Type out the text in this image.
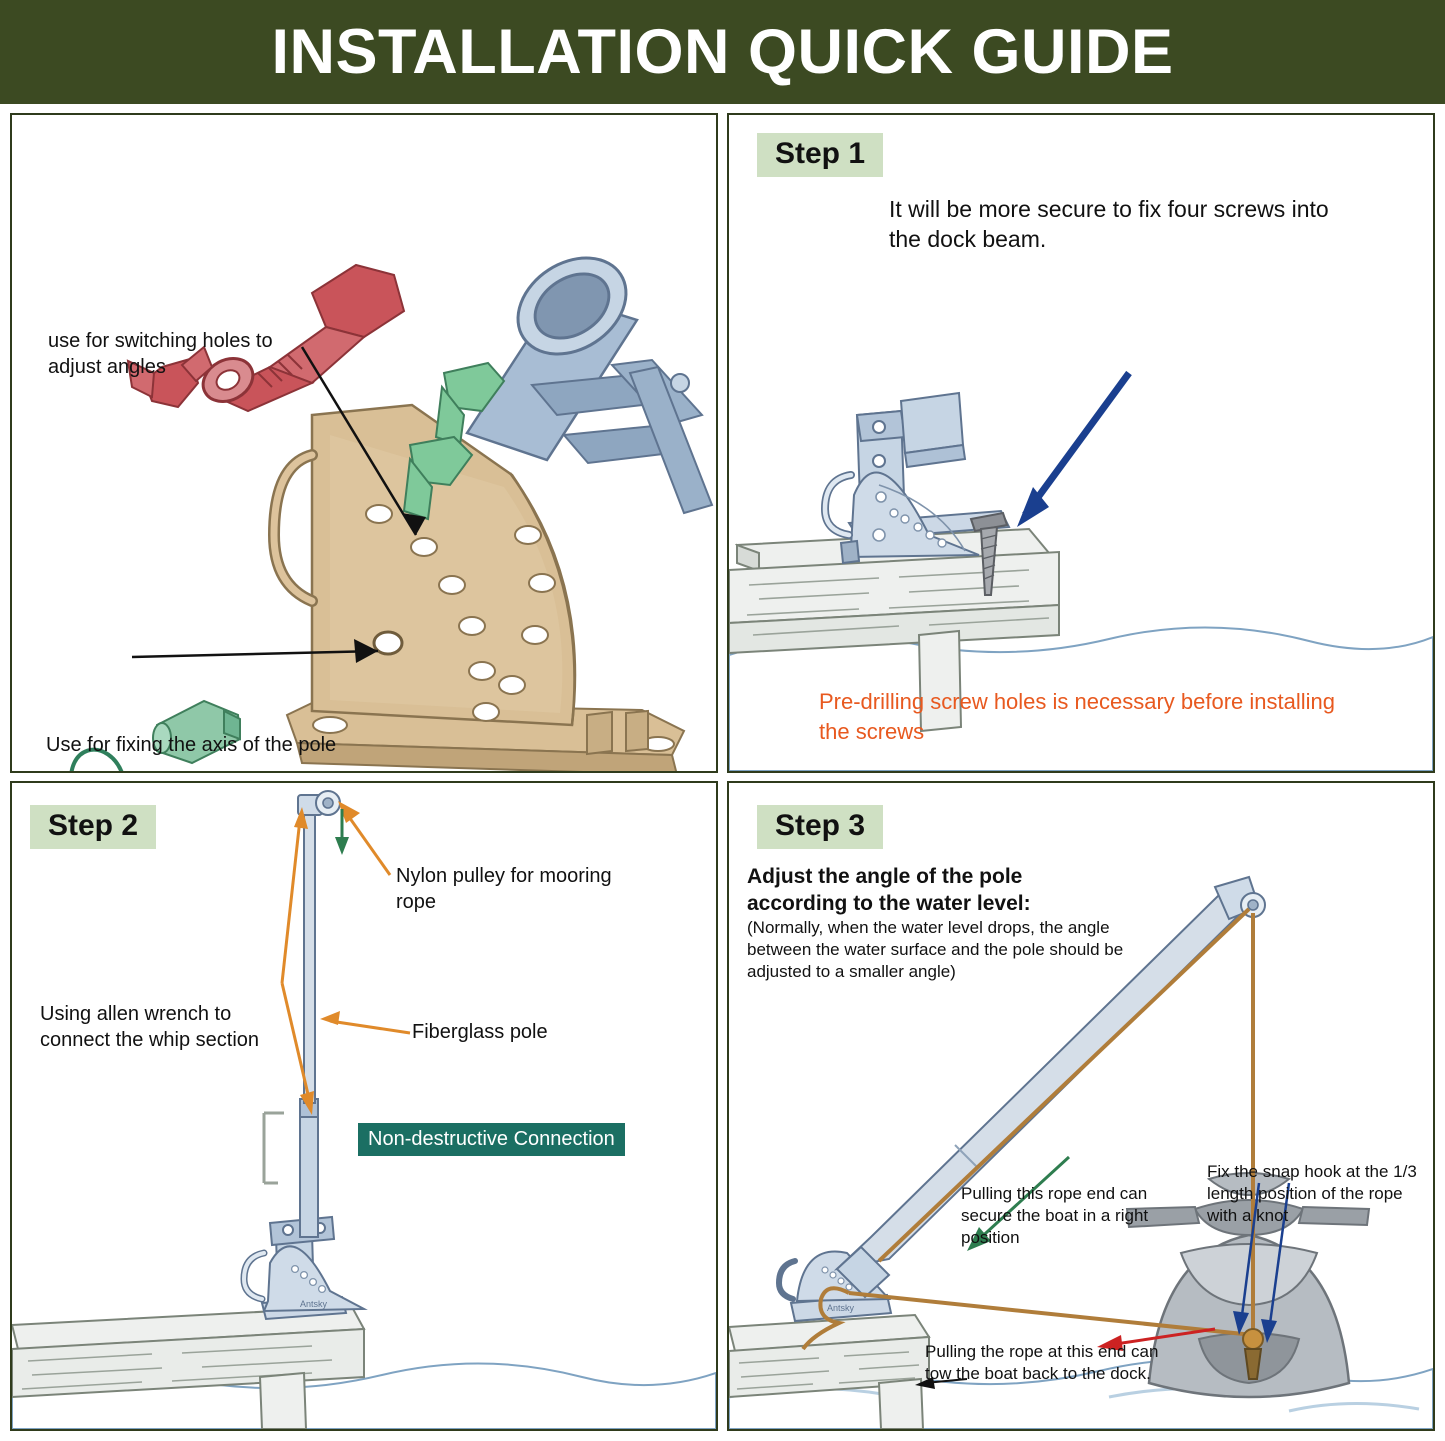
INSTALLATION QUICK GUIDE
use for switching holes to adjust angles
Use for fixing the axis of the pole
Step 1
It will be more secure to fix four screws into the dock beam.
Pre-drilling screw holes is necessary before installing the screws
Step 2
Antsky
Nylon pulley for mooring rope
Using allen wrench to connect the whip section	Fiberglass pole
Non-destructive Connection
Step 3
Antsky
Adjust the angle of the pole according to the water level:
(Normally, when the water level drops, the angle between the water surface and the pole should be adjusted to a smaller angle)
Pulling this rope end can secure the boat in a right position
Fix the snap hook at the 1/3 length position of the rope with a knot
Pulling the rope at this end can tow the boat back to the dock.
